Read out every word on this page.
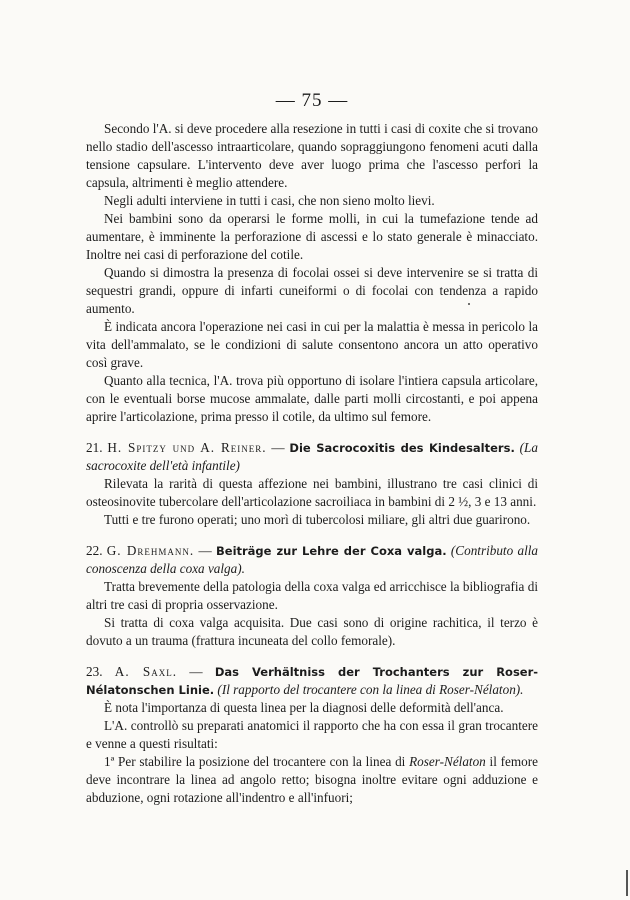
— 75 —

Secondo l'A. si deve procedere alla resezione in tutti i casi di coxite che si trovano nello stadio dell'ascesso intraarticolare, quando sopraggiungono fenomeni acuti dalla tensione capsulare. L'intervento deve aver luogo prima che l'ascesso perfori la capsula, altrimenti è meglio attendere.

Negli adulti interviene in tutti i casi, che non sieno molto lievi.

Nei bambini sono da operarsi le forme molli, in cui la tumefazione tende ad aumentare, è imminente la perforazione di ascessi e lo stato generale è minacciato. Inoltre nei casi di perforazione del cotile.

Quando si dimostra la presenza di focolai ossei si deve intervenire se si tratta di sequestri grandi, oppure di infarti cuneiformi o di focolai con tendenza a rapido aumento.

È indicata ancora l'operazione nei casi in cui per la malattia è messa in pericolo la vita dell'ammalato, se le condizioni di salute consentono ancora un atto operativo così grave.

Quanto alla tecnica, l'A. trova più opportuno di isolare l'intiera capsula articolare, con le eventuali borse mucose ammalate, dalle parti molli circostanti, e poi appena aprire l'articolazione, prima presso il cotile, da ultimo sul femore.

21. H. Spitzy und A. Reiner. — Die Sacrocoxitis des Kindesalters. (La sacrocoxite dell'età infantile)

Rilevata la rarità di questa affezione nei bambini, illustrano tre casi clinici di osteosinovite tubercolare dell'articolazione sacroiliaca in bambini di 2 ½, 3 e 13 anni.

Tutti e tre furono operati; uno morì di tubercolosi miliare, gli altri due guarirono.

22. G. Drehmann. — Beiträge zur Lehre der Coxa valga. (Contributo alla conoscenza della coxa valga).

Tratta brevemente della patologia della coxa valga ed arricchisce la bibliografia di altri tre casi di propria osservazione.

Si tratta di coxa valga acquisita. Due casi sono di origine rachitica, il terzo è dovuto a un trauma (frattura incuneata del collo femorale).

23. A. Saxl. — Das Verhältniss der Trochanters zur Roser-Nélatonschen Linie. (Il rapporto del trocantere con la linea di Roser-Nélaton).

È nota l'importanza di questa linea per la diagnosi delle deformità dell'anca.

L'A. controllò su preparati anatomici il rapporto che ha con essa il gran trocantere e venne a questi risultati:

1ª Per stabilire la posizione del trocantere con la linea di Roser-Nélaton il femore deve incontrare la linea ad angolo retto; bisogna inoltre evitare ogni adduzione e abduzione, ogni rotazione all'indentro e all'infuori;
